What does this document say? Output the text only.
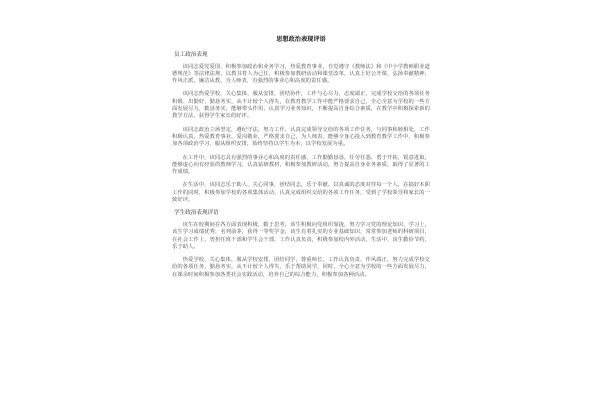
思想政治表现评语
员工政治表现

该同志爱党爱国，积极参加政治和业务学习，热爱教育事业，自觉遵守《教师法》和《中小学教师职业道德规范》等法律法规，以教书育人为己任，积极参加教研活动和课堂改革，认真上好公开课，弘扬奉献精神，作风正派，廉洁从教，为人师表，有强烈的事业心和高度的责任感。

该同志热爱学校，关心集体，服从安排，团结协作，工作与心尽力，态度端正，完成学校交给的各项任务积极、出勤好，勤恳务实，从不计较个人得失，在教育教学工作中能严格要求自己，全心全意为学校的一些方面发展尽力，勤恳务实，能够带头作用，认真学习业务知识，不断提高自身综合素质，在教学中积极探索新的教学方法，获得学生家长的好评。

该同志政治立场坚定，遵纪守法，努力工作，认真完成领导交给的各项工作任务，与同事和睦相处，工作积极认真，热爱教育事业，爱岗敬业，严格要求自己，为人师表，能够全身心投入到教育教学工作中，积极参加各项政治学习，服从组织安排，始终坚持以学生为本，以学校发展为重。

在工作中，该同志具有强烈的事业心和高度的责任感，工作勤勤恳恳，任劳任怨，勇于开拓，锐意进取，能够虚心向有经验的教师学习，认真钻研教材，积极参加教研活动，努力提高自身业务素质，取得了显著的工作成绩。

在生活中，该同志乐于助人，关心同事，团结同志，乐于奉献，以真诚的态度对待每一个人，在搞好本职工作的同时，积极参加学校的各项集体活动，认真完成组织交给的各项工作任务，受到了学校领导和家长的一致好评。

学生政治表现评语

该生在校期间在各方面表现积极，勤于思考，该生积极向党组织靠拢，努力学习党的理论知识，学习上，该生学习成绩优秀，名列前茅，获得一等奖学金，该生有着扎实的专业基础知识，常常参加老师的科研项目，在社会工作上，曾担任班干部和学生会干部，工作认真负责，积极参加校内外活动，生活中，该生勤俭节约，乐于助人。

热爱学校，关心集体，服从学校安排，团结同学，尊重师长，工作认真负责，作风端正，努力完成学校交给的各项任务，勤恳务实，从不计较个人得失，乐于帮助同学，同时，全心全意为学校的一些方面发展尽力，在课余时间积极参加各类社会实践活动，培养自己的综合能力，积极参加各种活动。
